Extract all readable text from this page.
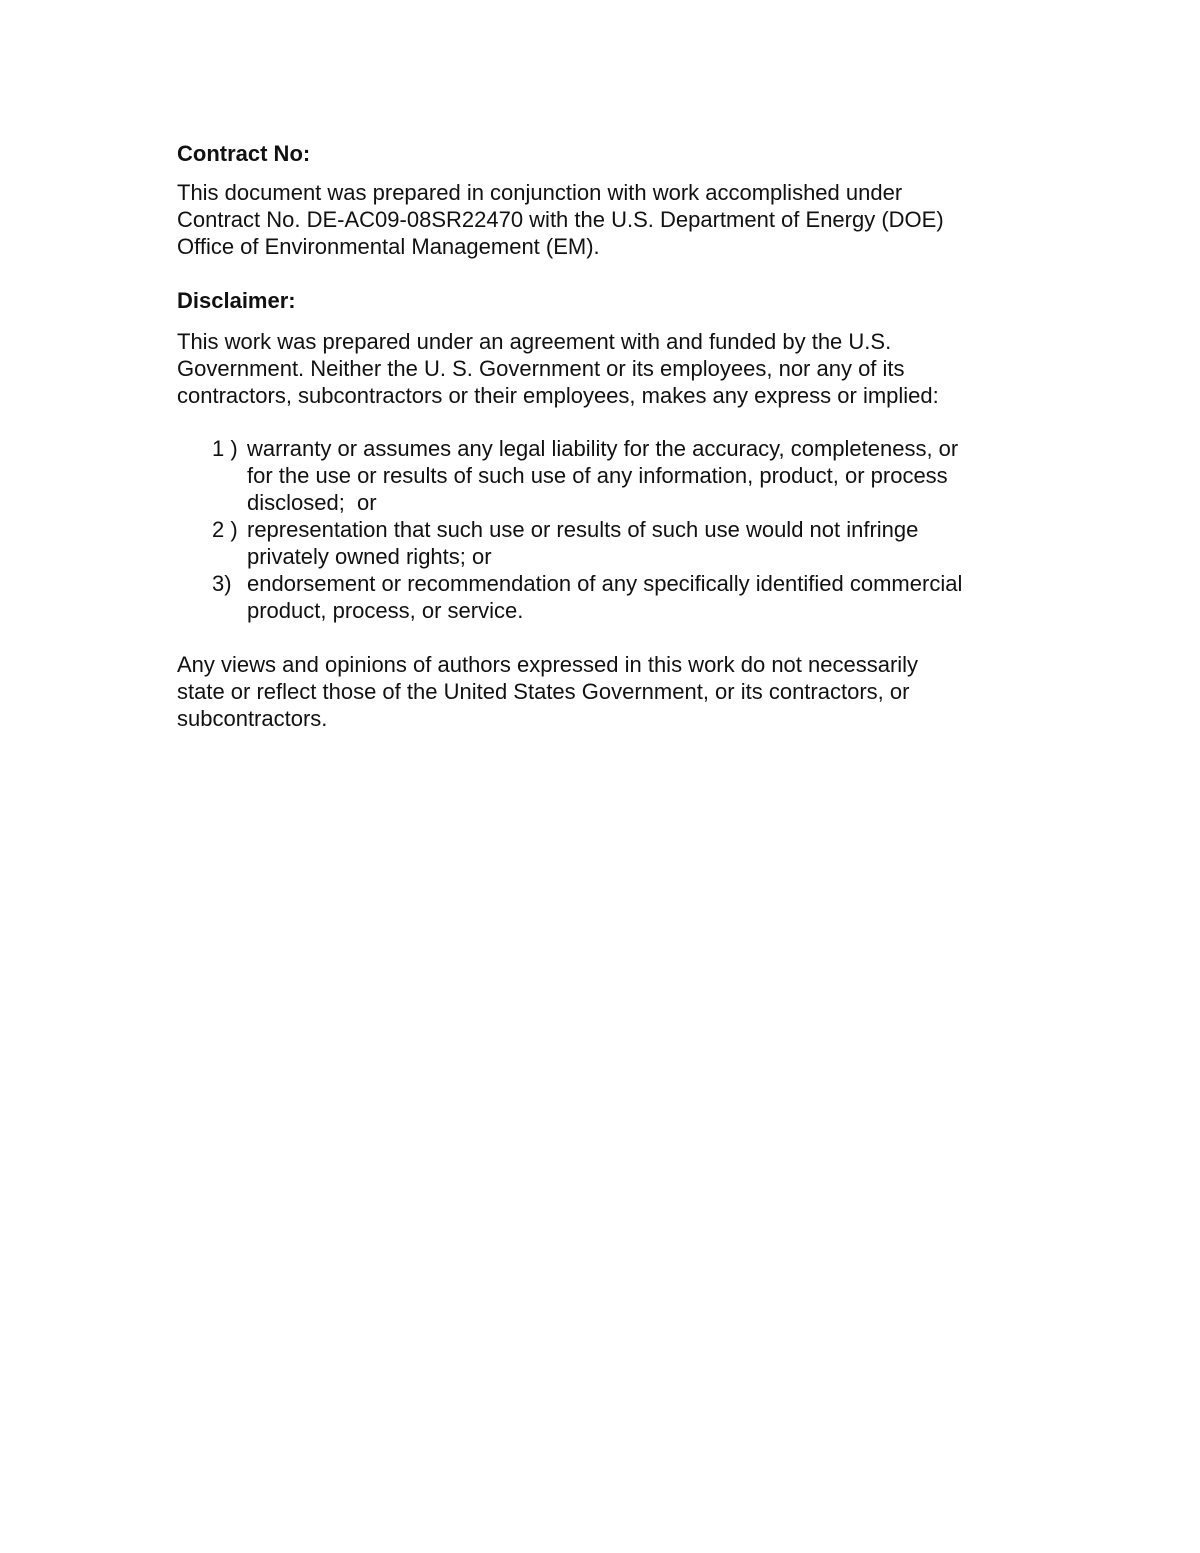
Contract No:
This document was prepared in conjunction with work accomplished under
Contract No. DE-AC09-08SR22470 with the U.S. Department of Energy (DOE)
Office of Environmental Management (EM).
Disclaimer:
This work was prepared under an agreement with and funded by the U.S.
Government. Neither the U. S. Government or its employees, nor any of its
contractors, subcontractors or their employees, makes any express or implied:
1 ) warranty or assumes any legal liability for the accuracy, completeness, or
for the use or results of such use of any information, product, or process
disclosed;  or
2 ) representation that such use or results of such use would not infringe
privately owned rights; or
3) endorsement or recommendation of any specifically identified commercial
product, process, or service.
Any views and opinions of authors expressed in this work do not necessarily
state or reflect those of the United States Government, or its contractors, or
subcontractors.
